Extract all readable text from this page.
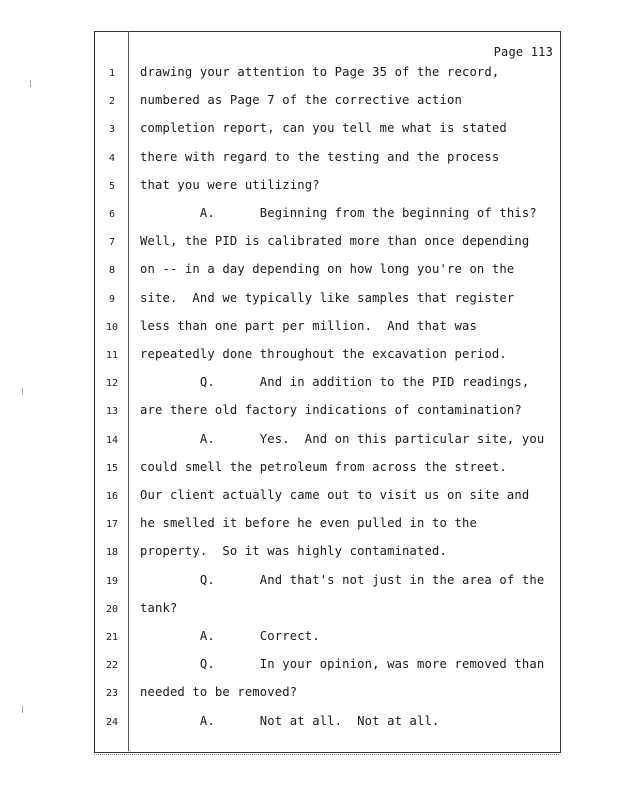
Page 113
1	drawing your attention to Page 35 of the record,
2	numbered as Page 7 of the corrective action
3	completion report, can you tell me what is stated
4	there with regard to the testing and the process
5	that you were utilizing?
6	A.      Beginning from the beginning of this?
7	Well, the PID is calibrated more than once depending
8	on -- in a day depending on how long you're on the
9	site.  And we typically like samples that register
10	less than one part per million.  And that was
11	repeatedly done throughout the excavation period.
12	Q.      And in addition to the PID readings,
13	are there old factory indications of contamination?
14	A.      Yes.  And on this particular site, you
15	could smell the petroleum from across the street.
16	Our client actually came out to visit us on site and
17	he smelled it before he even pulled in to the
18	property.  So it was highly contaminated.
19	Q.      And that's not just in the area of the
20	tank?
21	A.      Correct.
22	Q.      In your opinion, was more removed than
23	needed to be removed?
24	A.      Not at all.  Not at all.
